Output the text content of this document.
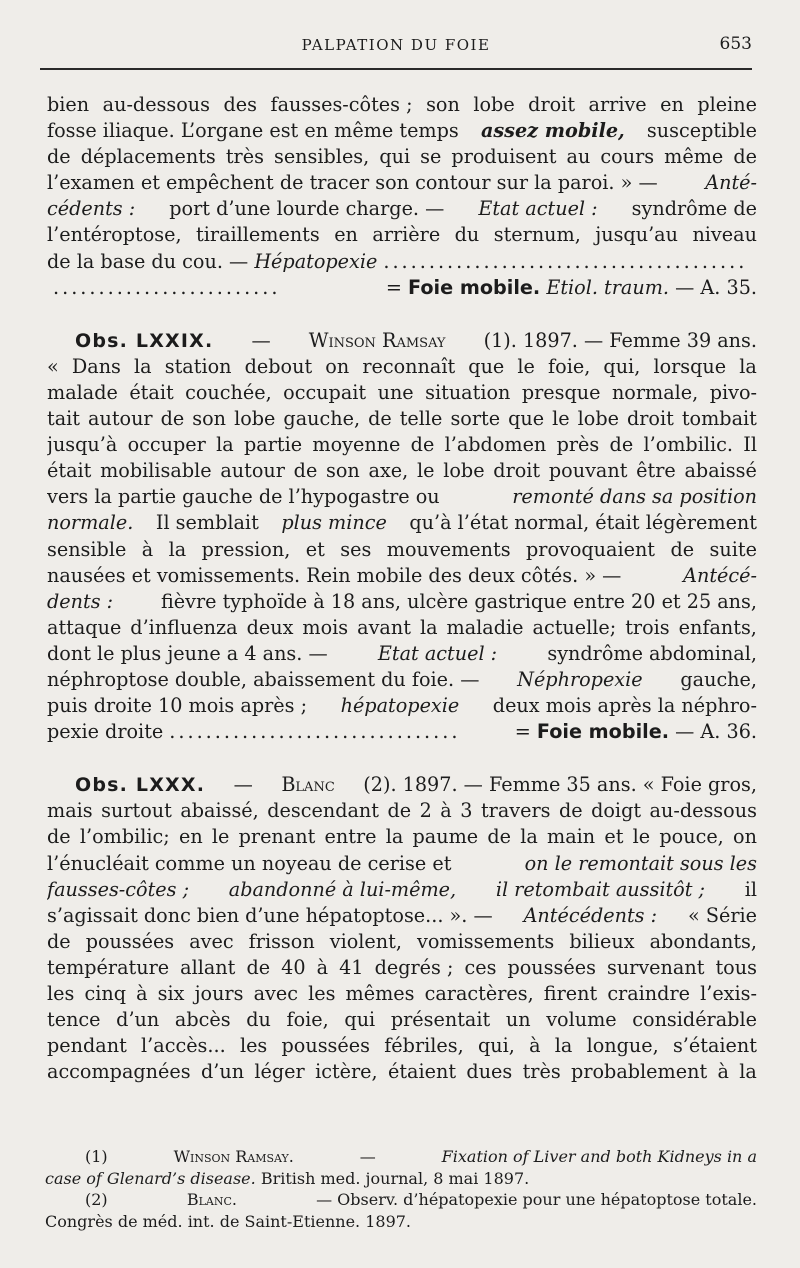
PALPATION DU FOIE	653
bien au-dessous des fausses-côtes ; son lobe droit arrive en pleine
fosse iliaque. L’organe est en même temps assez mobile, susceptible
de déplacements très sensibles, qui se produisent au cours même de
l’examen et empêchent de tracer son contour sur la paroi. » — Anté-
cédents : port d’une lourde charge. — Etat actuel : syndrôme de
l’entéroptose, tiraillements en arrière du sternum, jusqu’au niveau
de la base du cou. —
Hépatopexie ........................................
.........................	=
Foie mobile.
Etiol. traum.
— A. 35.
Obs. LXXIX. — Winson Ramsay (1). 1897. — Femme 39 ans.
« Dans la station debout on reconnaît que le foie, qui, lorsque la
malade était couchée, occupait une situation presque normale, pivo-
tait autour de son lobe gauche, de telle sorte que le lobe droit tombait
jusqu’à occuper la partie moyenne de l’abdomen près de l’ombilic. Il
était mobilisable autour de son axe, le lobe droit pouvant être abaissé
vers la partie gauche de l’hypogastre ou	remonté dans sa position
normale. Il semblait plus mince qu’à l’état normal, était légèrement
sensible à la pression, et ses mouvements provoquaient de suite
nausées et vomissements. Rein mobile des deux côtés. » —	Antécé-
dents : fièvre typhoïde à 18 ans, ulcère gastrique entre 20 et 25 ans,
attaque d’influenza deux mois avant la maladie actuelle; trois enfants,
dont le plus jeune a 4 ans. —	Etat actuel :	syndrôme abdominal,
néphroptose double, abaissement du foie. — Néphropexie gauche,
puis droite 10 mois après ; hépatopexie deux mois après la néphro-
pexie droite ................................	=
Foie mobile.
— A. 36.
Obs. LXXX. — Blanc (2). 1897. — Femme 35 ans. « Foie gros,
mais surtout abaissé, descendant de 2 à 3 travers de doigt au-dessous
de l’ombilic; en le prenant entre la paume de la main et le pouce, on
l’énucléait comme un noyeau de cerise et	on le remontait sous les
fausses-côtes ; abandonné à lui-même, il retombait aussitôt ; il
s’agissait donc bien d’une hépatoptose... ». — Antécédents : « Série
de poussées avec frisson violent, vomissements bilieux abondants,
température allant de 40 à 41 degrés ; ces poussées survenant tous
les cinq à six jours avec les mêmes caractères, firent craindre l’exis-
tence d’un abcès du foie, qui présentait un volume considérable
pendant l’accès... les poussées fébriles, qui, à la longue, s’étaient
accompagnées d’un léger ictère, étaient dues très probablement à la
(1)	Winson Ramsay.	—	Fixation of Liver and both Kidneys in a
case of Glenard’s disease.
British med. journal, 8 mai 1897.
(2)	Blanc.	— Observ. d’hépatopexie pour une hépatoptose totale.
Congrès de méd. int. de Saint-Etienne. 1897.
